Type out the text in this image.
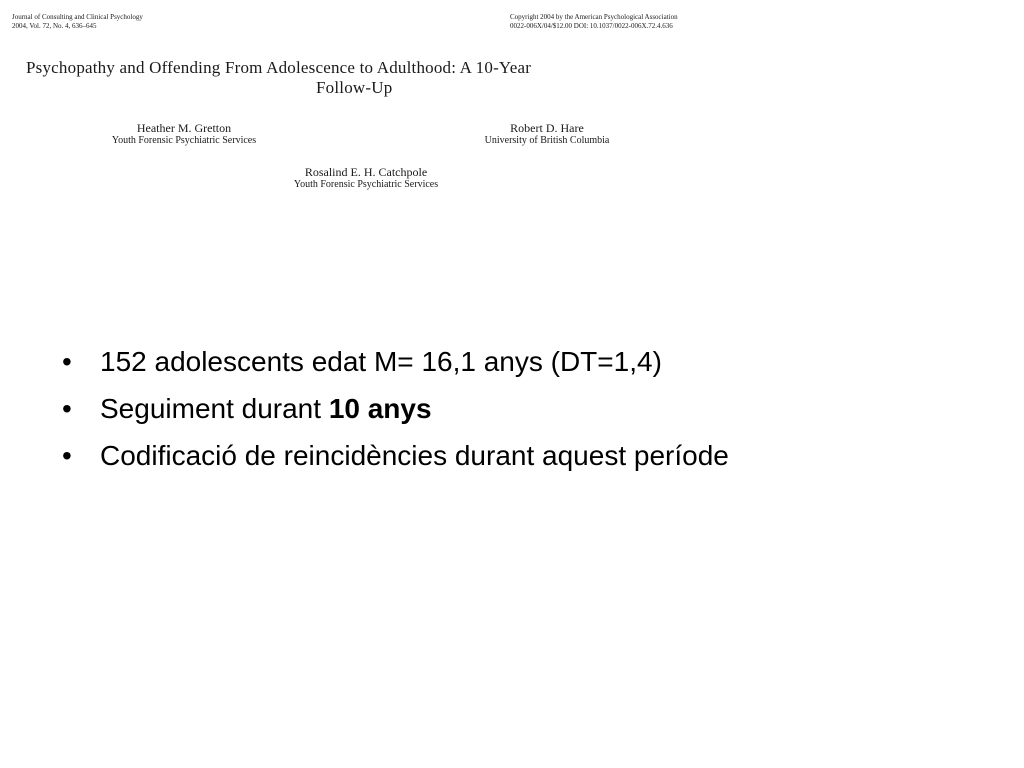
Journal of Consulting and Clinical Psychology
2004, Vol. 72, No. 4, 636–645
Copyright 2004 by the American Psychological Association
0022-006X/04/$12.00 DOI: 10.1037/0022-006X.72.4.636
Psychopathy and Offending From Adolescence to Adulthood: A 10-Year
Follow-Up
Heather M. Gretton
Youth Forensic Psychiatric Services
Robert D. Hare
University of British Columbia
Rosalind E. H. Catchpole
Youth Forensic Psychiatric Services
• 152 adolescents edat M= 16,1 anys (DT=1,4)
• Seguiment durant 10 anys
• Codificació de reincidències durant aquest període
